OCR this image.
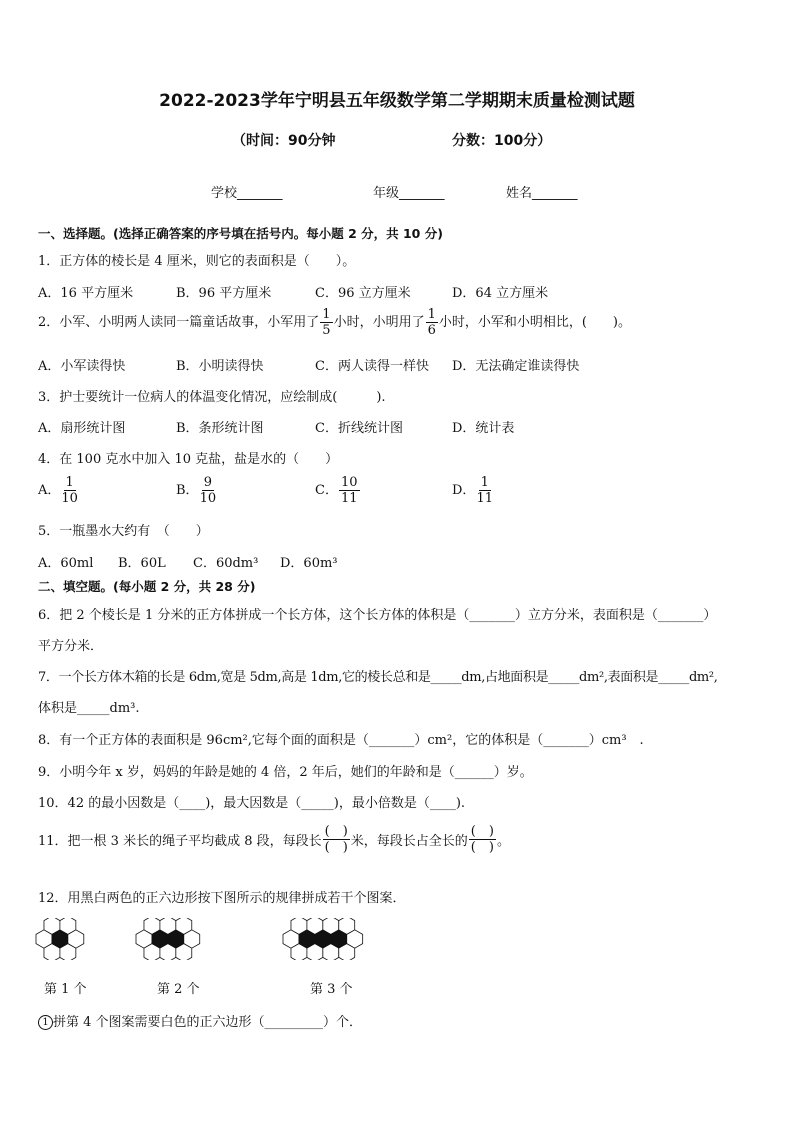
2022-2023学年宁明县五年级数学第二学期期末质量检测试题
（时间：90分钟	分数：100分）
学校_______	年级_______	姓名_______
一、选择题。(选择正确答案的序号填在括号内。每小题 2 分，共 10 分)
1．正方体的棱长是 4 厘米，则它的表面积是（　　）。
A．16 平方厘米	B．96 平方厘米	C．96 立方厘米	D．64 立方厘米
2．小军、小明两人读同一篇童话故事，小军用了 $\frac{1}{5}$ 小时，小明用了 $\frac{1}{6}$ 小时，小军和小明相比，(　　)。
A．小军读得快	B．小明读得快	C．两人读得一样快 D．无法确定谁读得快
3．护士要统计一位病人的体温变化情况，应绘制成(　　　).
A．扇形统计图	B．条形统计图	C．折线统计图	D．统计表
4．在 100 克水中加入 10 克盐，盐是水的（　　）
A． $\frac{1}{10}$	B． $\frac{9}{10}$	C． $\frac{10}{11}$	D． $\frac{1}{11}$
5．一瓶墨水大约有　（　　）
A．60ml B．60L C．60dm³ D．60m³
二、填空题。(每小题 2 分，共 28 分)
6．把 2 个棱长是 1 分米的正方体拼成一个长方体，这个长方体的体积是（_______）立方分米，表面积是（_______）
平方分米．
7．一个长方体木箱的长是 6dm,宽是 5dm,高是 1dm,它的棱长总和是_____dm,占地面积是_____dm²,表面积是_____dm²,
体积是_____dm³.
8．有一个正方体的表面积是 96cm²,它每个面的面积是（_______）cm²，它的体积是（_______）cm³　.
9．小明今年 x 岁，妈妈的年龄是她的 4 倍，2 年后，她们的年龄和是（______）岁。
10．42 的最小因数是（____)，最大因数是（_____)，最小倍数是（____).
11．把一根 3 米长的绳子平均截成 8 段，每段长 $\frac{( )}{( )}$ 米，每段长占全长的 $\frac{( )}{( )}$ 。
12．用黑白两色的正六边形按下图所示的规律拼成若干个图案．
第 1 个	第 2 个	第 3 个
1 拼第 4 个图案需要白色的正六边形（_________）个．
